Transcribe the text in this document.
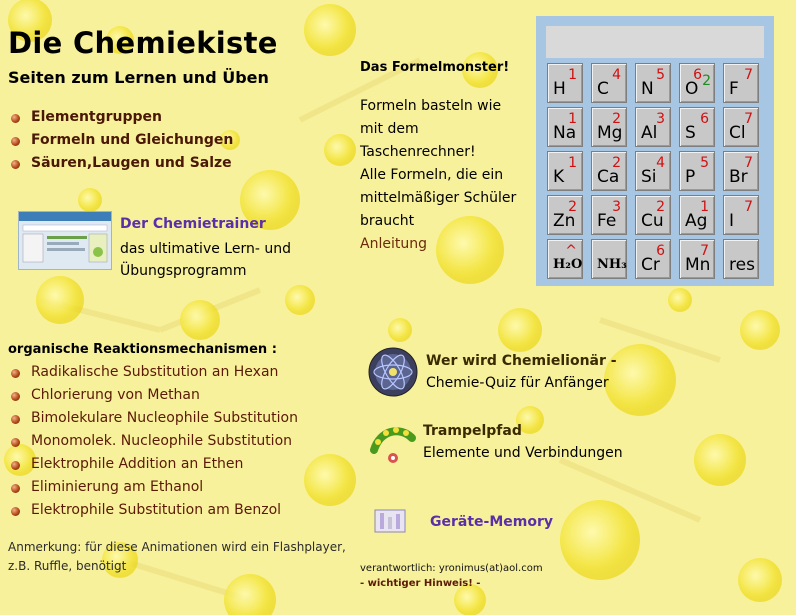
Die Chemiekiste
Seiten zum Lernen und Üben
Elementgruppen
Formeln und Gleichungen
Säuren,Laugen und Salze
Der Chemietrainer
das ultimative Lern- und
Übungsprogramm
Das Formelmonster!
Formeln basteln wie
mit dem
Taschenrechner!
Alle Formeln, die ein
mittelmäßiger Schüler
braucht
Anleitung
H
1
C
4
N
5
O
6 2 F
7
Na
1
Mg
2
Al
3
S
6
Cl
7
K
1
Ca
2
Si
4
P
5
Br
7
Zn
2
Fe
3
Cu
2
Ag
1
I
7
H₂O
^
NH₃ Cr
6
Mn
7
res
organische Reaktionsmechanismen :
Radikalische Substitution an Hexan
Chlorierung von Methan
Bimolekulare Nucleophile Substitution
Monomolek. Nucleophile Substitution
Elektrophile Addition an Ethen
Eliminierung am Ethanol
Elektrophile Substitution am Benzol
Anmerkung: für diese Animationen wird ein Flashplayer,
z.B. Ruffle, benötigt
Wer wird Chemielionär -
Chemie-Quiz für Anfänger
Trampelpfad
Elemente und Verbindungen
Geräte-Memory
verantwortlich: yronimus(at)aol.com
- wichtiger Hinweis! -
